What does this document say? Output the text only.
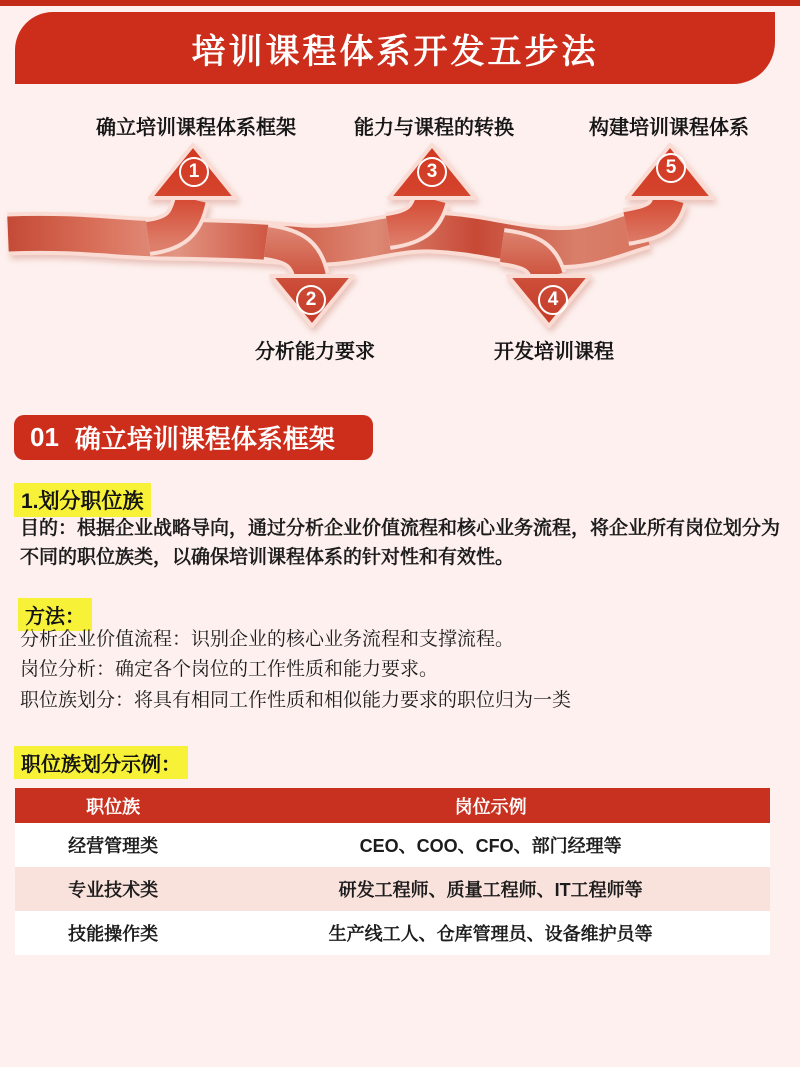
培训课程体系开发五步法
确立培训课程体系框架	能力与课程的转换	构建培训课程体系
分析能力要求	开发培训课程
1
2
3
4
5
01 确立培训课程体系框架
1.划分职位族
目的：根据企业战略导向，通过分析企业价值流程和核心业务流程，将企业所有岗位划分为不同的职位族类，以确保培训课程体系的针对性和有效性。
方法：

分析企业价值流程：识别企业的核心业务流程和支撑流程。

岗位分析：确定各个岗位的工作性质和能力要求。

职位族划分：将具有相同工作性质和相似能力要求的职位归为一类

职位族划分示例：
职位族	岗位示例
经营管理类	CEO、COO、CFO、部门经理等
专业技术类	研发工程师、质量工程师、IT工程师等
技能操作类	生产线工人、仓库管理员、设备维护员等
